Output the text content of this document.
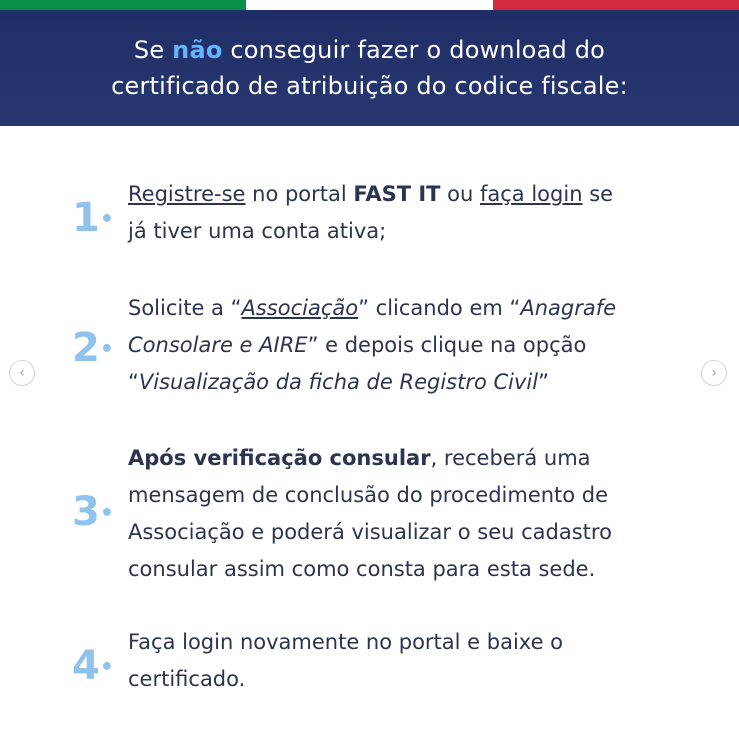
Se não conseguir fazer o download do
certificado de atribuição do codice fiscale:
1•
Registre-se no portal FAST IT ou faça login se
já tiver uma conta ativa;
2•
Solicite a “Associação” clicando em “Anagrafe
Consolare e AIRE” e depois clique na opção
“Visualização da ficha de Registro Civil”
3•
Após verificação consular, receberá uma
mensagem de conclusão do procedimento de
Associação e poderá visualizar o seu cadastro
consular assim como consta para esta sede.
4•
Faça login novamente no portal e baixe o
certificado.
‹	›
